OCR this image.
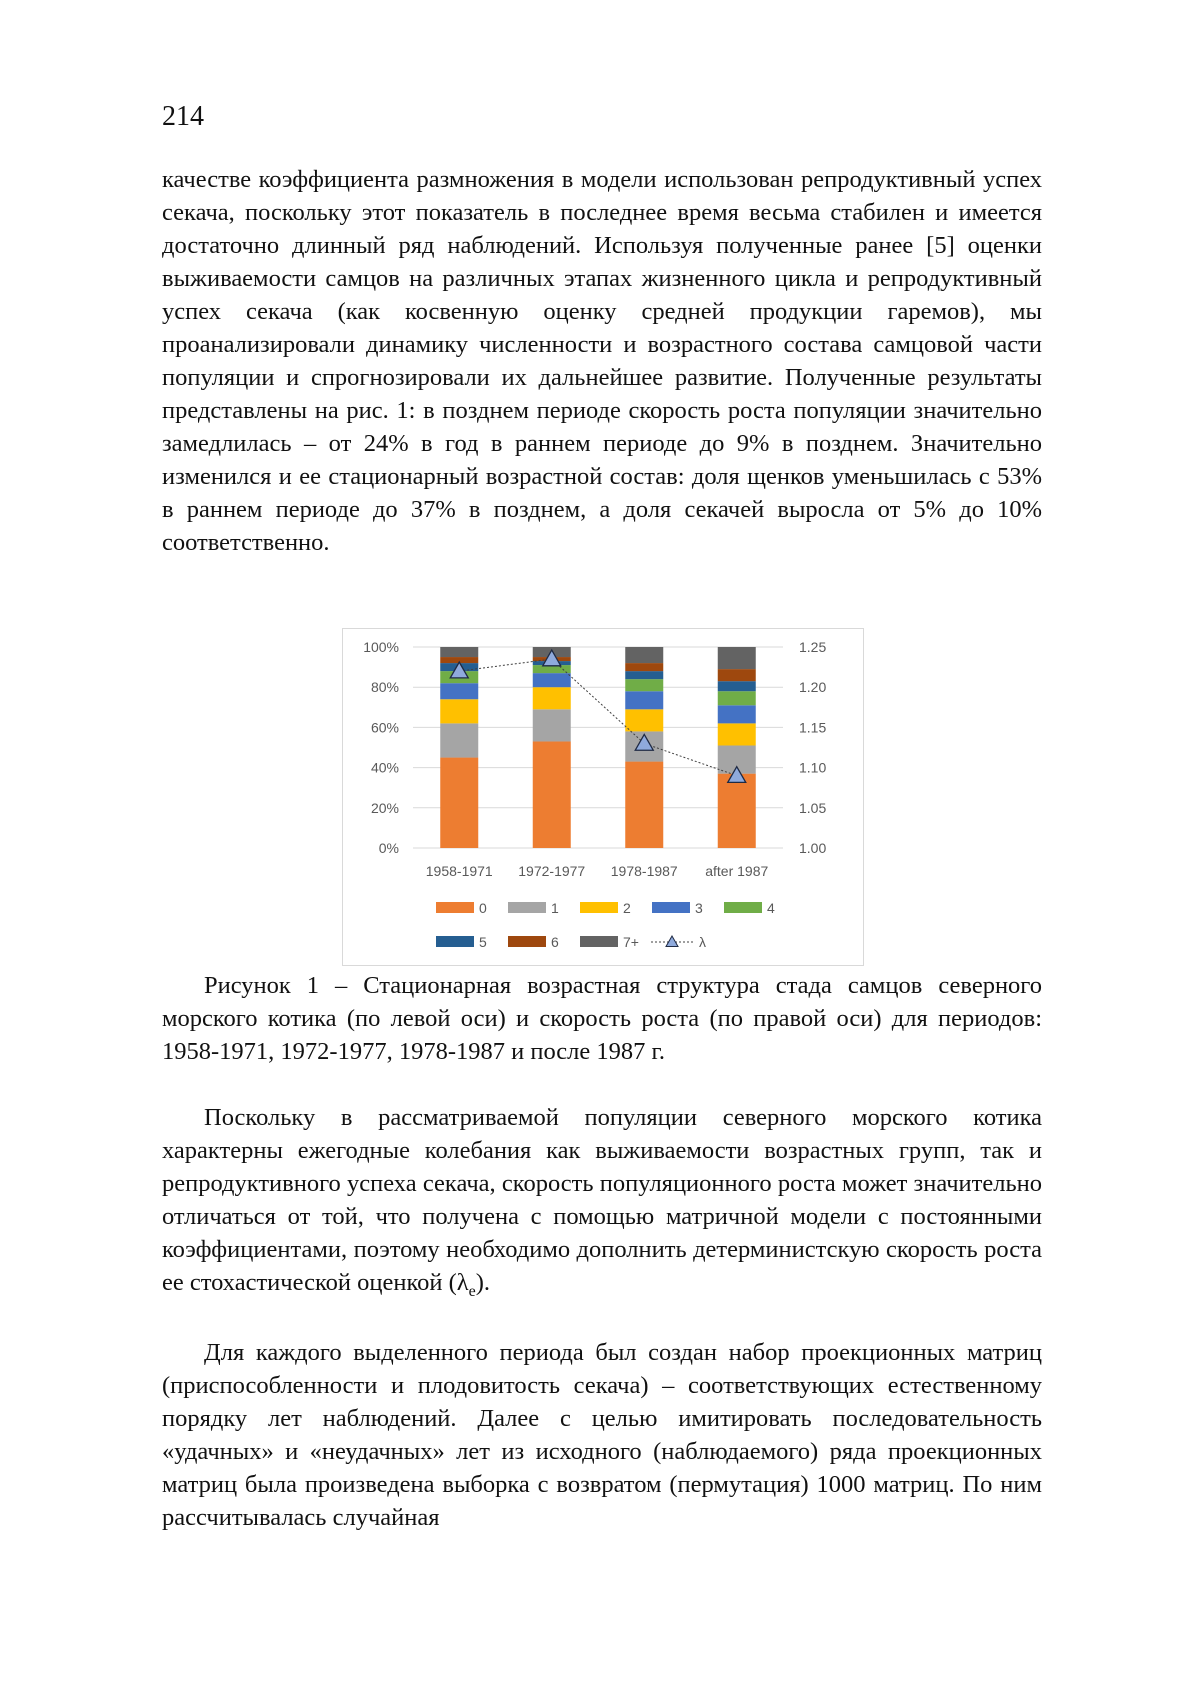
214

качестве коэффициента размножения в модели использован репродуктивный успех секача, поскольку этот показатель в последнее время весьма стабилен и имеется достаточно длинный ряд наблюдений. Используя полученные ранее [5] оценки выживаемости самцов на различных этапах жизненного цикла и репродуктивный успех секача (как косвенную оценку средней продукции гаремов), мы проанализировали динамику численности и возрастного состава самцовой части популяции и спрогнозировали их дальнейшее развитие. Полученные результаты представлены на рис. 1: в позднем периоде скорость роста популяции значительно замедлилась – от 24% в год в раннем периоде до 9% в позднем. Значительно изменился и ее стационарный возрастной состав: доля щенков уменьшилась с 53% в раннем периоде до 37% в позднем, а доля секачей выросла от 5% до 10% соответственно.

0%
20%
40%
60%
80%
100%
1.00
1.05
1.10
1.15
1.20
1.25
1958-1971 1972-1977 1978-1987 after 1987
0	1	2	3	4
5	6	7+	λ

Рисунок 1 – Стационарная возрастная структура стада самцов северного морского котика (по левой оси) и скорость роста (по правой оси) для периодов: 1958-1971, 1972-1977, 1978-1987 и после 1987 г.

Поскольку в рассматриваемой популяции северного морского котика характерны ежегодные колебания как выживаемости возрастных групп, так и репродуктивного успеха секача, скорость популяционного роста может значительно отличаться от той, что получена с помощью матричной модели с постоянными коэффициентами, поэтому необходимо дополнить детерминистскую скорость роста ее стохастической оценкой $(\lambda_e)$.

Для каждого выделенного периода был создан набор проекционных матриц (приспособленности и плодовитость секача) – соответствующих естественному порядку лет наблюдений. Далее с целью имитировать последовательность «удачных» и «неудачных» лет из исходного (наблюдаемого) ряда проекционных матриц была произведена выборка с возвратом (пермутация) 1000 матриц. По ним рассчитывалась случайная
